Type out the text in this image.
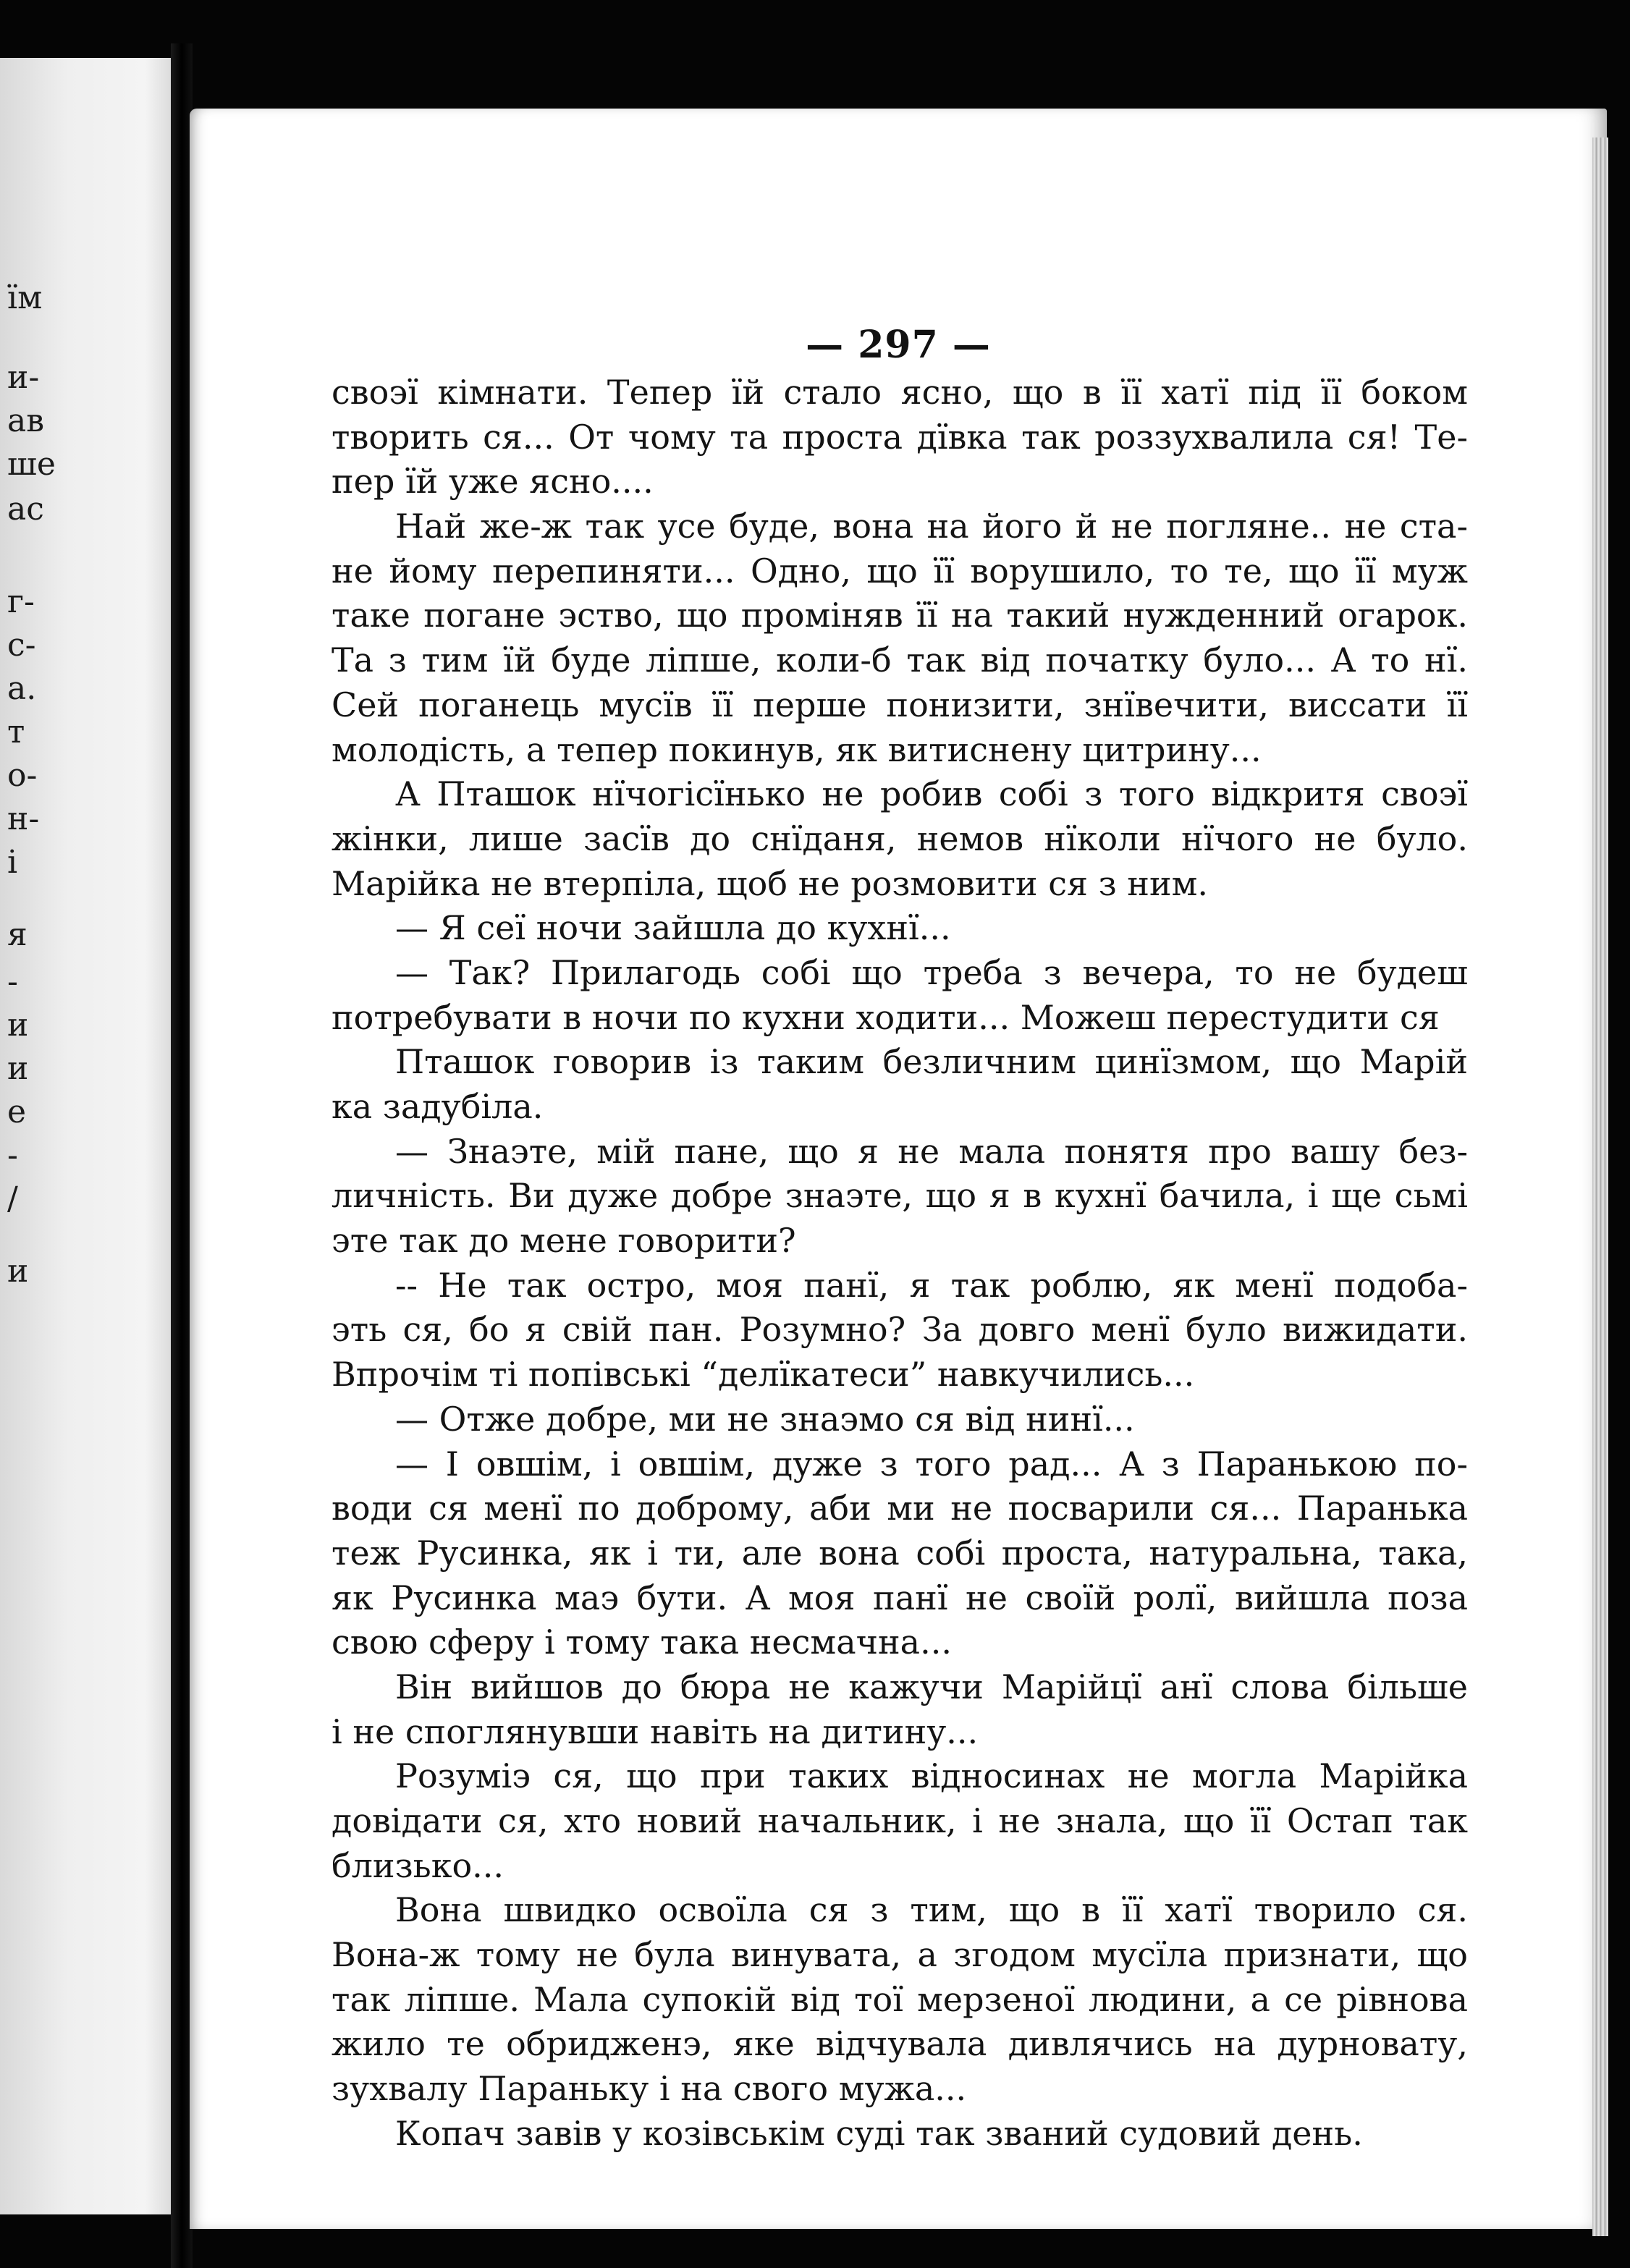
їм
и-
ав
ше
ас
г-
с-
а.
т
о-
н-
і
я
-
и
и
е
-
/
и
— 297 —
своэї кімнати. Тепер їй стало ясно, що в її хатї під її боком
творить ся... От чому та проста дївка так роззухвалила ся! Те-
пер їй уже ясно....
Най же-ж так усе буде, вона на його й не погляне.. не ста-
не йому перепиняти... Одно, що її ворушило, то те, що її муж
таке погане эство, що проміняв її на такий нужденний огарок.
Та з тим їй буде ліпше, коли-б так від початку було... А то нї.
Сей поганець мусїв її перше понизити, знївечити, виссати її
молодість, а тепер покинув, як витиснену цитрину...
А Пташок нїчогісїнько не робив собі з того відкритя своэї
жінки, лише засїв до снїданя, немов нїколи нїчого не було.
Марійка не втерпіла, щоб не розмовити ся з ним.
— Я сеї ночи зайшла до кухнї...
— Так? Прилагодь собі що треба з вечера, то не будеш
потребувати в ночи по кухни ходити... Можеш перестудити ся
Пташок говорив із таким безличним цинїзмом, що Марій
ка задубіла.
— Знаэте, мій пане, що я не мала понятя про вашу без-
личність. Ви дуже добре знаэте, що я в кухнї бачила, і ще сьмі
эте так до мене говорити?
-- Не так остро, моя панї, я так роблю, як менї подоба-
эть ся, бо я свій пан. Розумно? За довго менї було вижидати.
Впрочім ті попівські “делїкатеси” навкучились...
— Отже добре, ми не знаэмо ся від нинї...
— І овшім, і овшім, дуже з того рад... А з Паранькою по-
води ся менї по доброму, аби ми не посварили ся... Паранька
теж Русинка, як і ти, але вона собі проста, натуральна, така,
як Русинка маэ бути. А моя панї не своїй ролї, вийшла поза
свою сферу і тому така несмачна...
Він вийшов до бюра не кажучи Марійцї анї слова більше
і не споглянувши навіть на дитину...
Розуміэ ся, що при таких відносинах не могла Марійка
довідати ся, хто новий начальник, і не знала, що її Остап так
близько...
Вона швидко освоїла ся з тим, що в її хатї творило ся.
Вона-ж тому не була винувата, а згодом мусїла признати, що
так ліпше. Мала супокій від тої мерзеної людини, а се рівнова
жило те обридженэ, яке відчувала дивлячись на дурновату,
зухвалу Параньку і на свого мужа...
Копач завів у козівськім суді так званий судовий день.
